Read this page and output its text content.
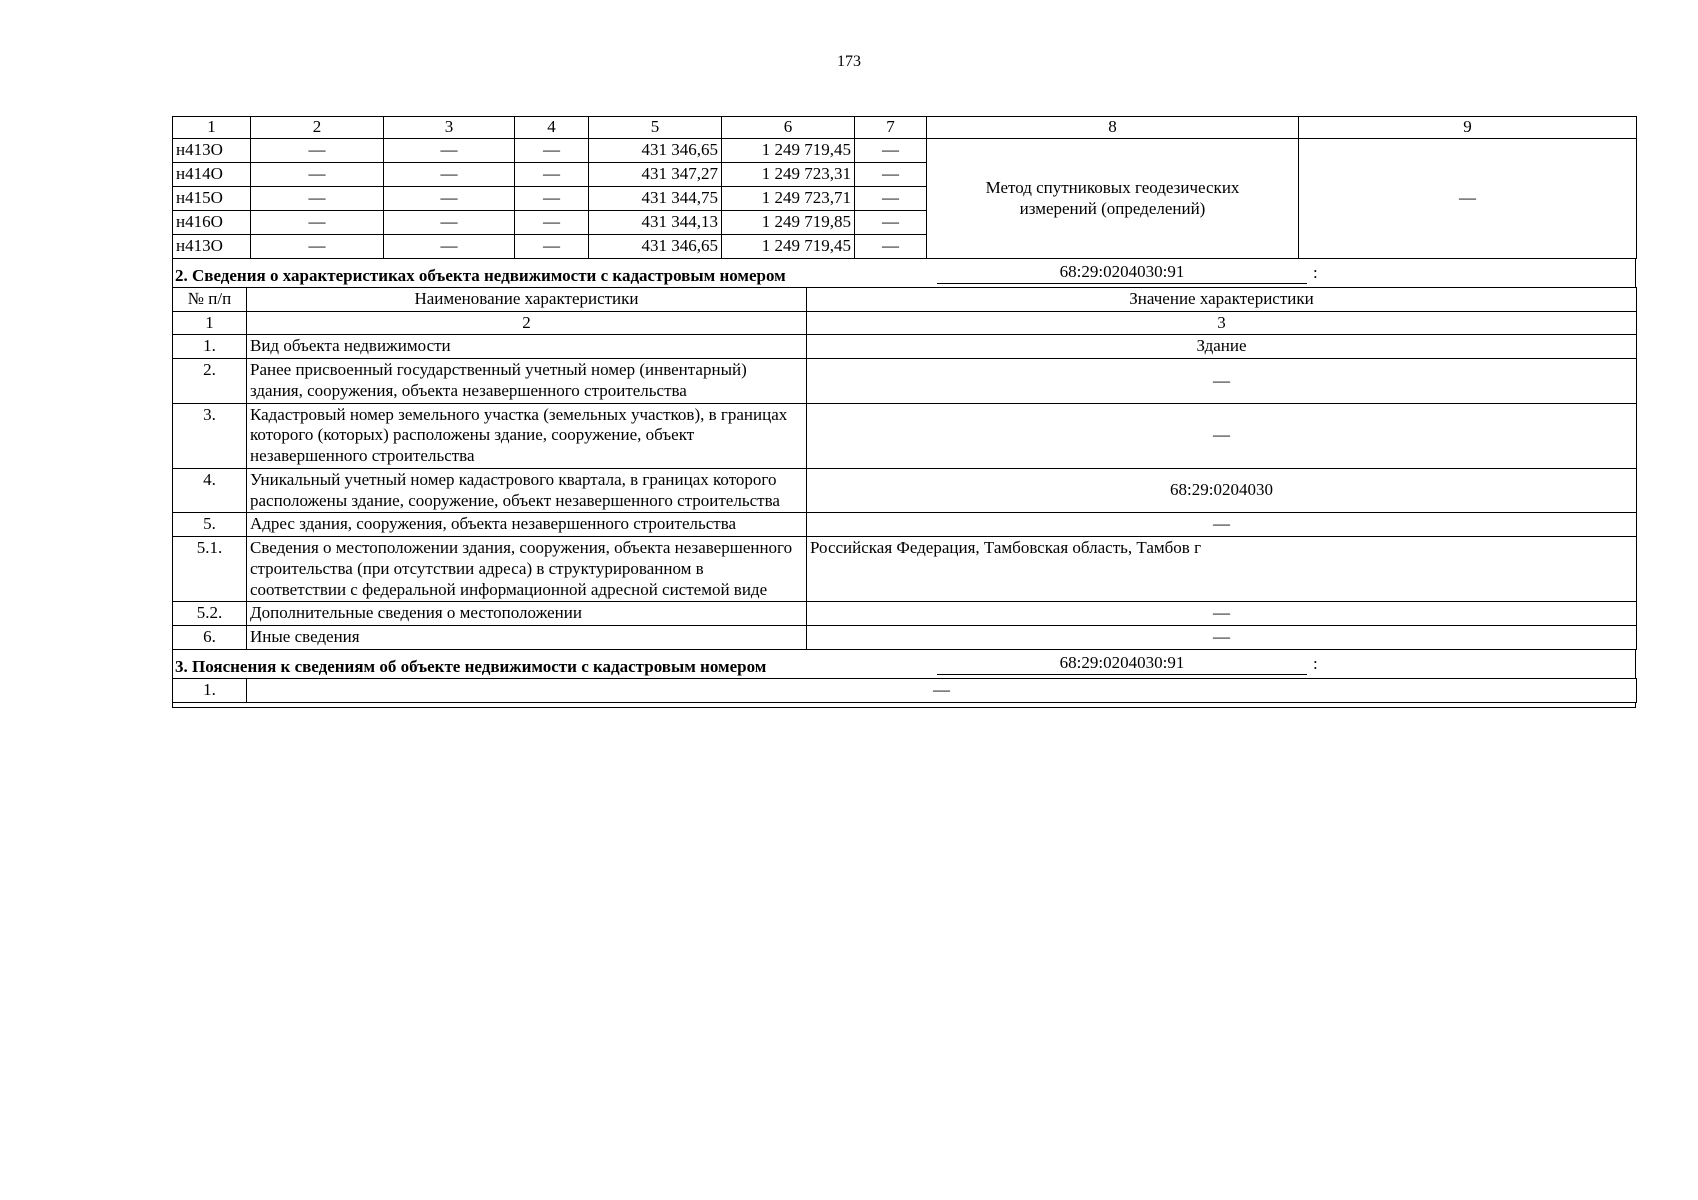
173
1	2	3	4	5	6	7	8	9
н413О	—	—	—	431 346,65	1 249 719,45	—	Метод спутниковых геодезических измерений (определений)	—
н414О	—	—	—	431 347,27	1 249 723,31	—		
н415О	—	—	—	431 344,75	1 249 723,71	—		
н416О	—	—	—	431 344,13	1 249 719,85	—		
н413О	—	—	—	431 346,65	1 249 719,45	—		
2. Сведения о характеристиках объекта недвижимости с кадастровым номером	68:29:0204030:91	:
№ п/п	Наименование характеристики	Значение характеристики
1	2	3
1.	Вид объекта недвижимости	Здание
2.	Ранее присвоенный государственный учетный номер (инвентарный) здания, сооружения, объекта незавершенного строительства	—
3.	Кадастровый номер земельного участка (земельных участков), в границах которого (которых) расположены здание, сооружение, объект незавершенного строительства	—
4.	Уникальный учетный номер кадастрового квартала, в границах которого расположены здание, сооружение, объект незавершенного строительства	68:29:0204030
5.	Адрес здания, сооружения, объекта незавершенного строительства	—
5.1.	Сведения о местоположении здания, сооружения, объекта незавершенного строительства (при отсутствии адреса) в структурированном в соответствии с федеральной информационной адресной системой виде	Российская Федерация, Тамбовская область, Тамбов г
5.2.	Дополнительные сведения о местоположении	—
6.	Иные сведения	—
3. Пояснения к сведениям об объекте недвижимости с кадастровым номером	68:29:0204030:91	:
1.	—
